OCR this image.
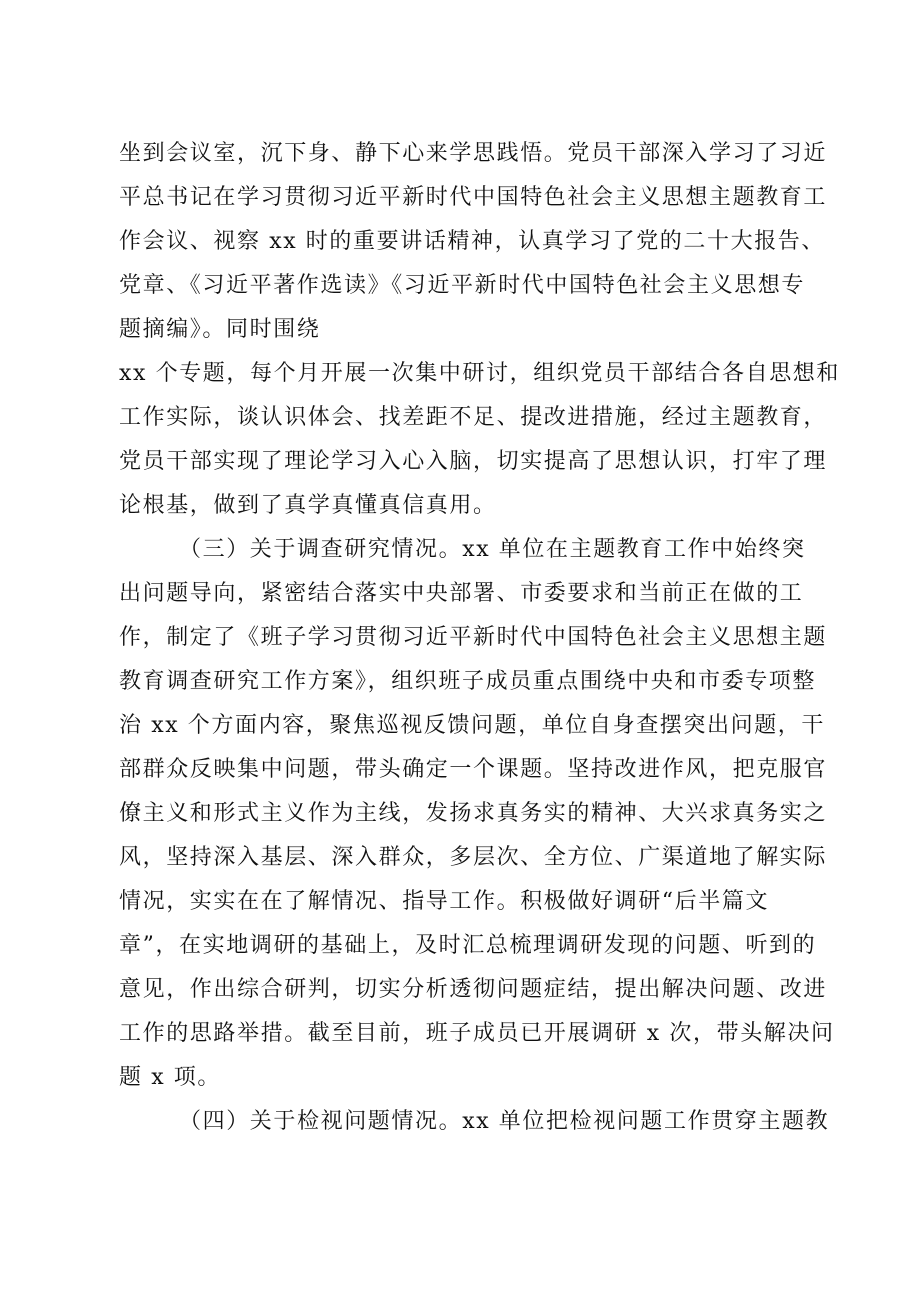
坐到会议室，沉下身、静下心来学思践悟。党员干部深入学习了习近
平总书记在学习贯彻习近平新时代中国特色社会主义思想主题教育工
作会议、视察 xx 时的重要讲话精神，认真学习了党的二十大报告、
党章、《习近平著作选读》《习近平新时代中国特色社会主义思想专
题摘编》。同时围绕
xx 个专题，每个月开展一次集中研讨，组织党员干部结合各自思想和
工作实际，谈认识体会、找差距不足、提改进措施，经过主题教育，
党员干部实现了理论学习入心入脑，切实提高了思想认识，打牢了理
论根基，做到了真学真懂真信真用。
（三）关于调查研究情况。xx 单位在主题教育工作中始终突
出问题导向，紧密结合落实中央部署、市委要求和当前正在做的工
作，制定了《班子学习贯彻习近平新时代中国特色社会主义思想主题
教育调查研究工作方案》，组织班子成员重点围绕中央和市委专项整
治 xx 个方面内容，聚焦巡视反馈问题，单位自身查摆突出问题，干
部群众反映集中问题，带头确定一个课题。坚持改进作风，把克服官
僚主义和形式主义作为主线，发扬求真务实的精神、大兴求真务实之
风，坚持深入基层、深入群众，多层次、全方位、广渠道地了解实际
情况，实实在在了解情况、指导工作。积极做好调研“后半篇文
章”，在实地调研的基础上，及时汇总梳理调研发现的问题、听到的
意见，作出综合研判，切实分析透彻问题症结，提出解决问题、改进
工作的思路举措。截至目前，班子成员已开展调研 x 次，带头解决问
题 x 项。
（四）关于检视问题情况。xx 单位把检视问题工作贯穿主题教
